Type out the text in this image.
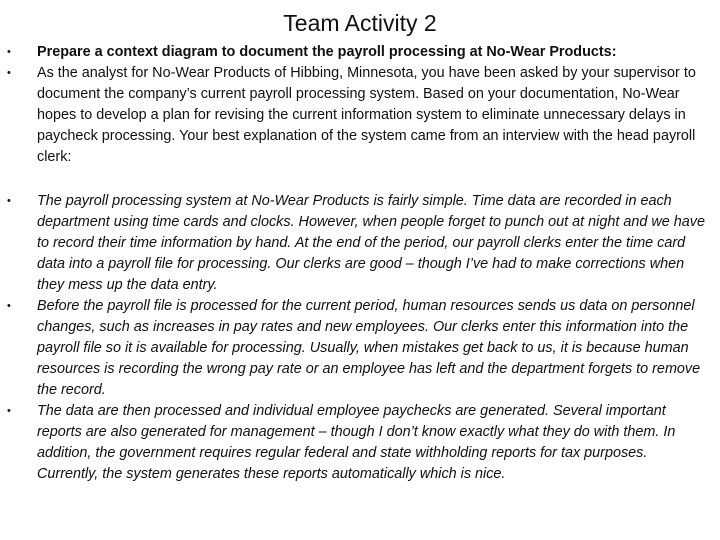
Team Activity 2
• Prepare a context diagram to document the payroll processing at No-Wear Products:
• As the analyst for No-Wear Products of Hibbing, Minnesota, you have been asked by your supervisor to document the company’s current payroll processing system. Based on your documentation, No-Wear hopes to develop a plan for revising the current information system to eliminate unnecessary delays in paycheck processing. Your best explanation of the system came from an interview with the head payroll clerk:
• The payroll processing system at No-Wear Products is fairly simple. Time data are recorded in each department using time cards and clocks. However, when people forget to punch out at night and we have to record their time information by hand. At the end of the period, our payroll clerks enter the time card data into a payroll file for processing. Our clerks are good – though I’ve had to make corrections when they mess up the data entry.
• Before the payroll file is processed for the current period, human resources sends us data on personnel changes, such as increases in pay rates and new employees. Our clerks enter this information into the payroll file so it is available for processing. Usually, when mistakes get back to us, it is because human resources is recording the wrong pay rate or an employee has left and the department forgets to remove the record.
• The data are then processed and individual employee paychecks are generated. Several important reports are also generated for management – though I don’t know exactly what they do with them. In addition, the government requires regular federal and state withholding reports for tax purposes. Currently, the system generates these reports automatically which is nice.
